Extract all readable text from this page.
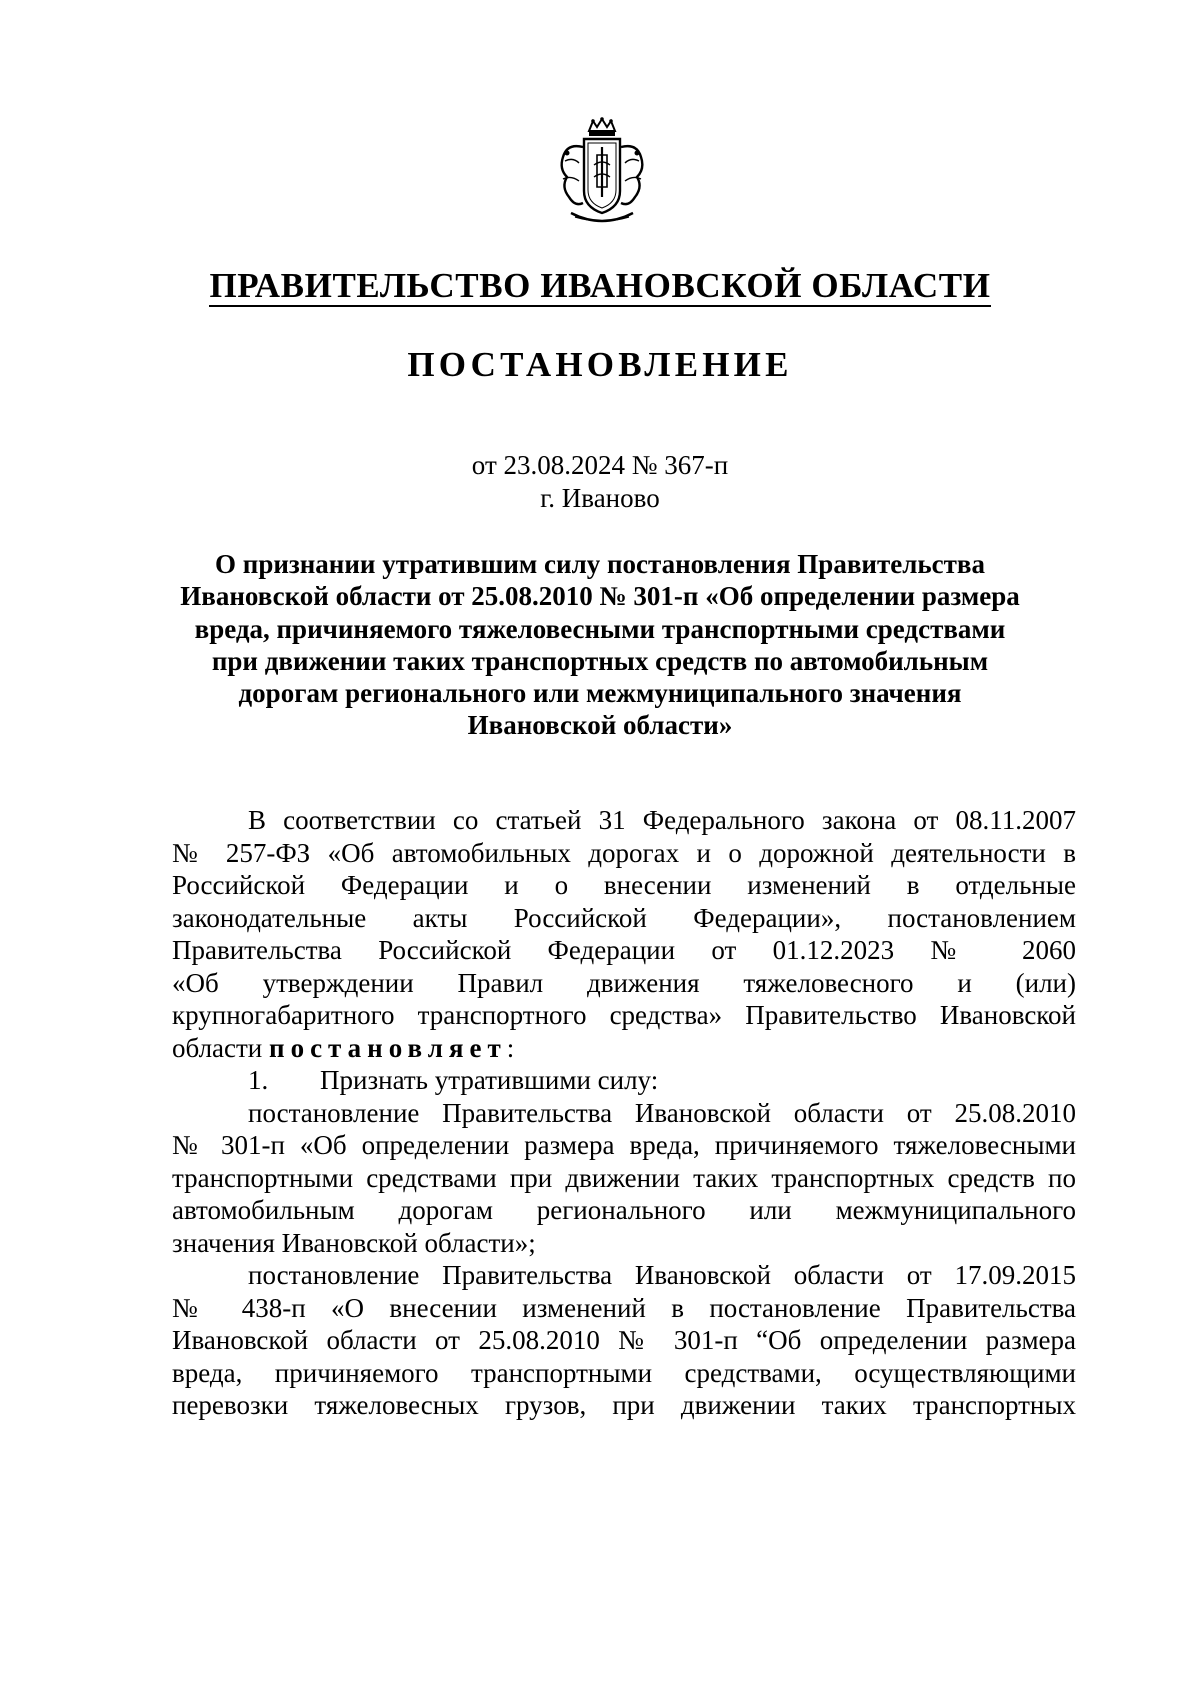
ПРАВИТЕЛЬСТВО ИВАНОВСКОЙ ОБЛАСТИ
ПОСТАНОВЛЕНИЕ
от 23.08.2024 № 367-п
г. Иваново
О признании утратившим силу постановления Правительства
Ивановской области от 25.08.2010 № 301-п «Об определении размера
вреда, причиняемого тяжеловесными транспортными средствами
при движении таких транспортных средств по автомобильным
дорогам регионального или межмуниципального значения
Ивановской области»
В соответствии со статьей 31 Федерального закона от 08.11.2007
№ 257-ФЗ «Об автомобильных дорогах и о дорожной деятельности в
Российской Федерации и о внесении изменений в отдельные
законодательные акты Российской Федерации», постановлением
Правительства Российской Федерации от 01.12.2023 № 2060
«Об утверждении Правил движения тяжеловесного и (или)
крупногабаритного транспортного средства» Правительство Ивановской
области постановляет:
1. Признать утратившими силу:
постановление Правительства Ивановской области от 25.08.2010
№ 301-п «Об определении размера вреда, причиняемого тяжеловесными
транспортными средствами при движении таких транспортных средств по
автомобильным дорогам регионального или межмуниципального
значения Ивановской области»;
постановление Правительства Ивановской области от 17.09.2015
№ 438-п «О внесении изменений в постановление Правительства
Ивановской области от 25.08.2010 № 301-п “Об определении размера
вреда, причиняемого транспортными средствами, осуществляющими
перевозки тяжеловесных грузов, при движении таких транспортных
